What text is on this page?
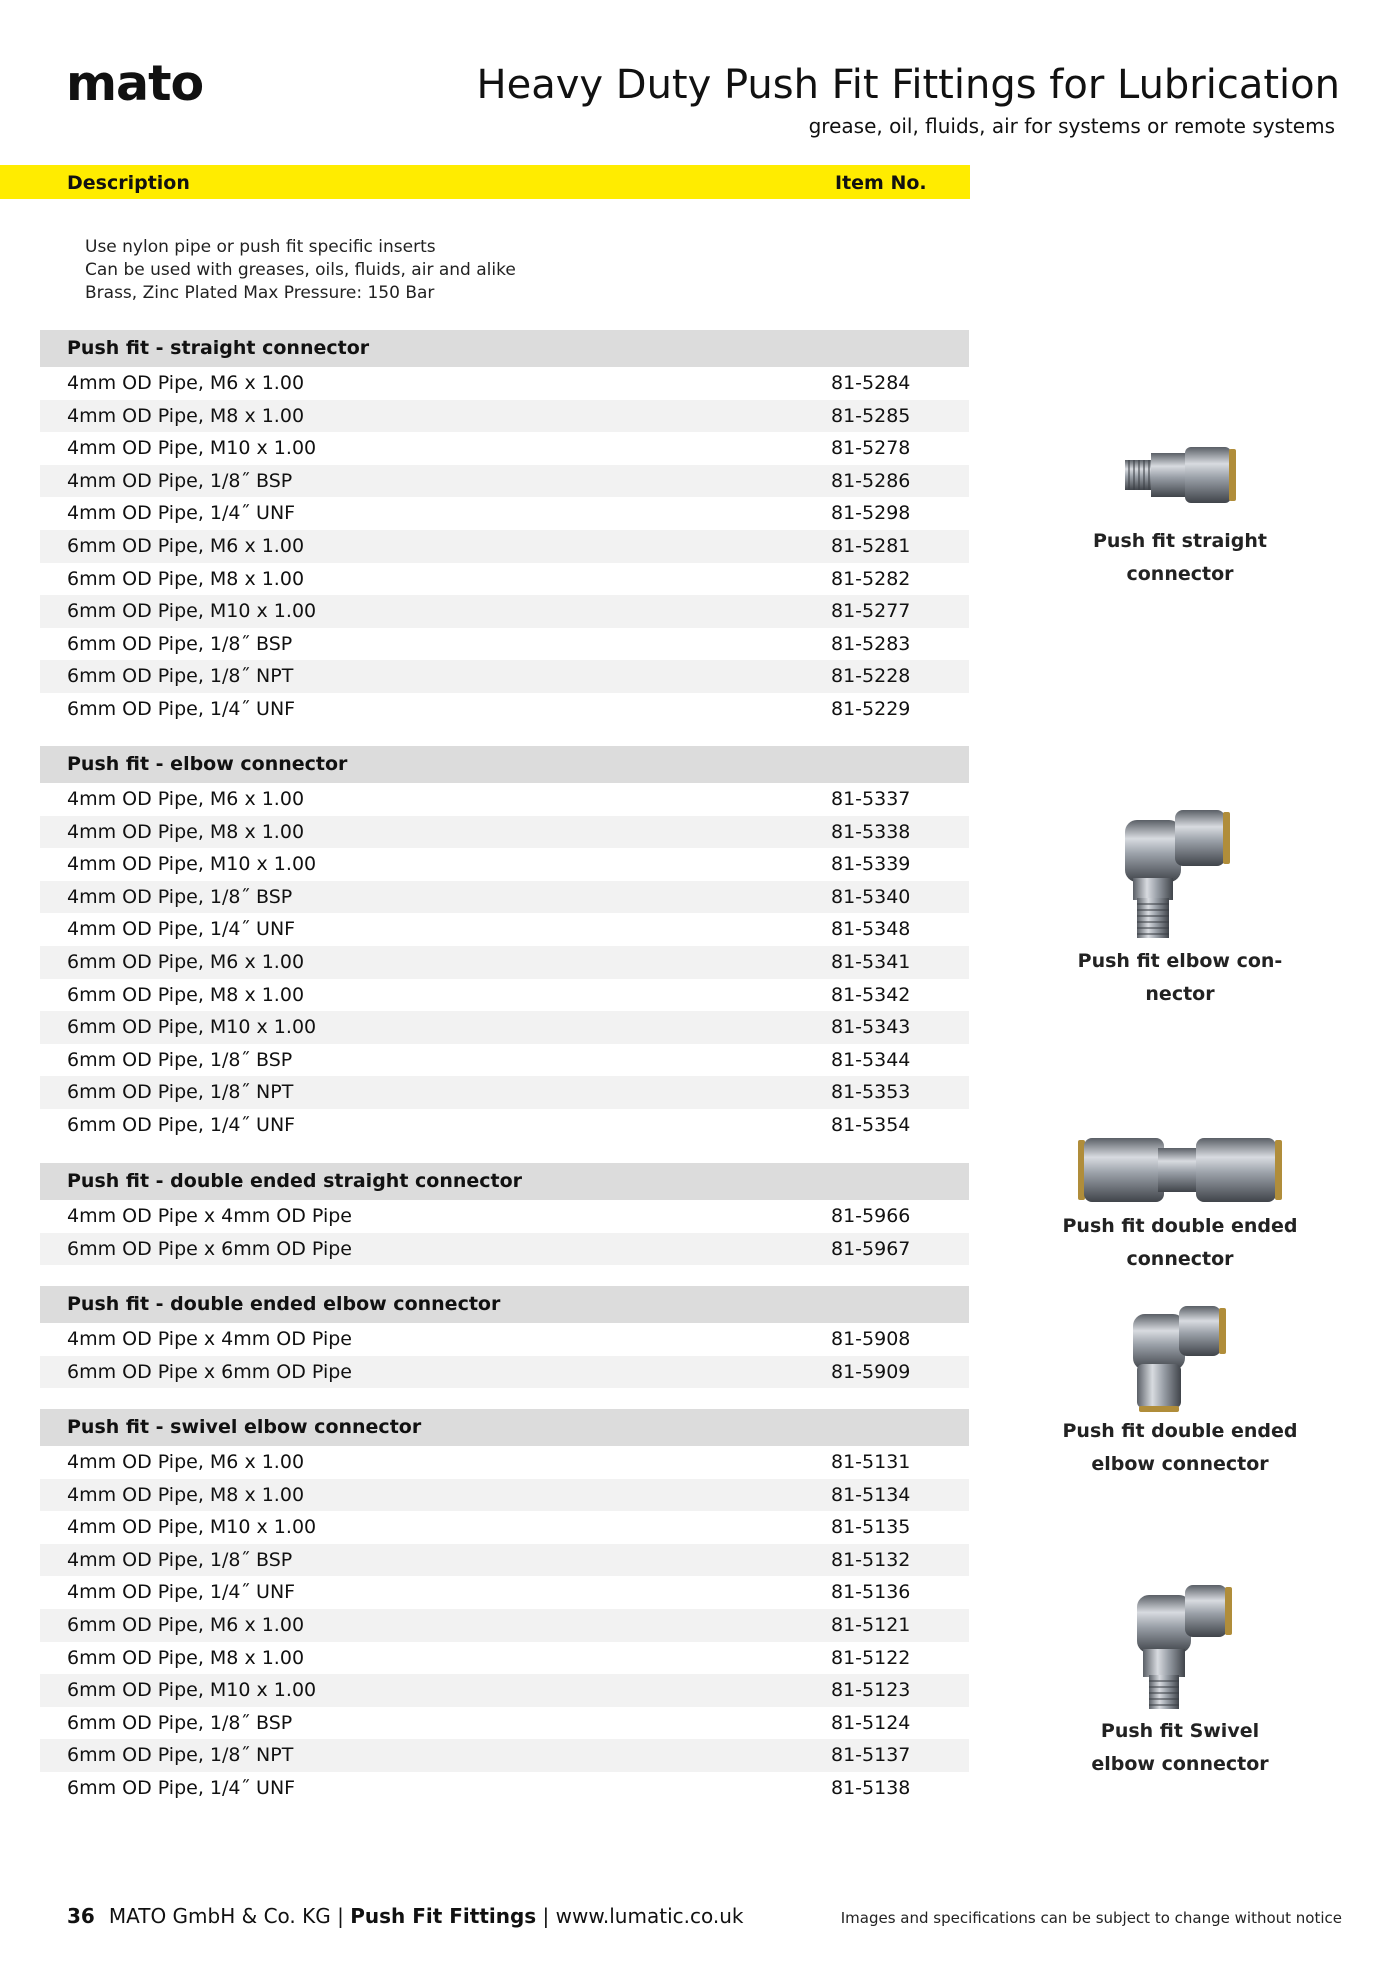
mato	Heavy Duty Push Fit Fittings for Lubrication
grease, oil, fluids, air for systems or remote systems
Description	Item No.
Use nylon pipe or push fit specific inserts
Can be used with greases, oils, fluids, air and alike
Brass, Zinc Plated Max Pressure: 150 Bar
Push fit - straight connector
4mm OD Pipe, M6 x 1.00	81-5284
4mm OD Pipe, M8 x 1.00	81-5285
4mm OD Pipe, M10 x 1.00	81-5278
4mm OD Pipe, 1/8˝ BSP	81-5286
4mm OD Pipe, 1/4˝ UNF	81-5298
6mm OD Pipe, M6 x 1.00	81-5281
6mm OD Pipe, M8 x 1.00	81-5282
6mm OD Pipe, M10 x 1.00	81-5277
6mm OD Pipe, 1/8˝ BSP	81-5283
6mm OD Pipe, 1/8˝ NPT	81-5228
6mm OD Pipe, 1/4˝ UNF	81-5229
Push fit - elbow connector
4mm OD Pipe, M6 x 1.00	81-5337
4mm OD Pipe, M8 x 1.00	81-5338
4mm OD Pipe, M10 x 1.00	81-5339
4mm OD Pipe, 1/8˝ BSP	81-5340
4mm OD Pipe, 1/4˝ UNF	81-5348
6mm OD Pipe, M6 x 1.00	81-5341
6mm OD Pipe, M8 x 1.00	81-5342
6mm OD Pipe, M10 x 1.00	81-5343
6mm OD Pipe, 1/8˝ BSP	81-5344
6mm OD Pipe, 1/8˝ NPT	81-5353
6mm OD Pipe, 1/4˝ UNF	81-5354
Push fit - double ended straight connector
4mm OD Pipe x 4mm OD Pipe	81-5966
6mm OD Pipe x 6mm OD Pipe	81-5967
Push fit - double ended elbow connector
4mm OD Pipe x 4mm OD Pipe	81-5908
6mm OD Pipe x 6mm OD Pipe	81-5909
Push fit - swivel elbow connector
4mm OD Pipe, M6 x 1.00	81-5131
4mm OD Pipe, M8 x 1.00	81-5134
4mm OD Pipe, M10 x 1.00	81-5135
4mm OD Pipe, 1/8˝ BSP	81-5132
4mm OD Pipe, 1/4˝ UNF	81-5136
6mm OD Pipe, M6 x 1.00	81-5121
6mm OD Pipe, M8 x 1.00	81-5122
6mm OD Pipe, M10 x 1.00	81-5123
6mm OD Pipe, 1/8˝ BSP	81-5124
6mm OD Pipe, 1/8˝ NPT	81-5137
6mm OD Pipe, 1/4˝ UNF	81-5138
Push fit straight
connector
Push fit elbow con-
nector
Push fit double ended
connector
Push fit double ended
elbow connector
Push fit Swivel
elbow connector
36 MATO GmbH & Co. KG | Push Fit Fittings | www.lumatic.co.uk	Images and specifications can be subject to change without notice
